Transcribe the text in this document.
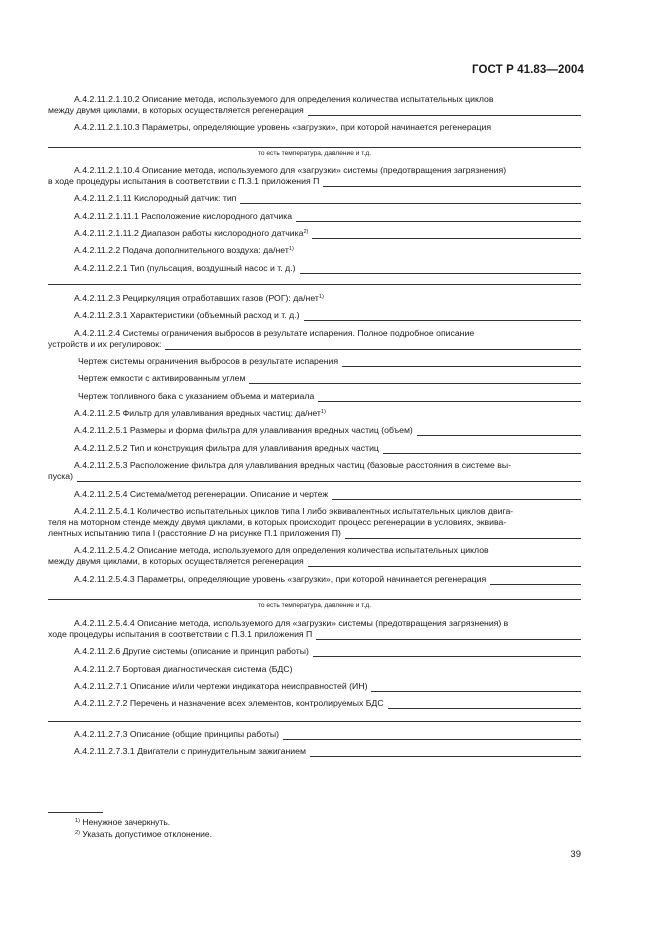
ГОСТ Р 41.83—2004
А.4.2.11.2.1.10.2 Описание метода, используемого для определения количества испытательных циклов
между двумя циклами, в которых осуществляется регенерация
А.4.2.11.2.1.10.3 Параметры, определяющие уровень «загрузки», при которой начинается регенерация
то есть температура, давление и т.д.
А.4.2.11.2.1.10.4 Описание метода, используемого для «загрузки» системы (предотвращения загрязнения)
в ходе процедуры испытания в соответствии с П.3.1 приложения П
А.4.2.11.2.1.11 Кислородный датчик: тип
А.4.2.11.2.1.11.1 Расположение кислородного датчика
А.4.2.11.2.1.11.2 Диапазон работы кислородного датчика$^{2)}$
А.4.2.11.2.2 Подача дополнительного воздуха: да/нет$^{1)}$
А.4.2.11.2.2.1 Тип (пульсация, воздушный насос и т. д.)
А.4.2.11.2.3 Рециркуляция отработавших газов (РОГ): да/нет$^{1)}$
А.4.2.11.2.3.1 Характеристики (объемный расход и т. д.)
А.4.2.11.2.4 Системы ограничения выбросов в результате испарения. Полное подробное описание
устройств и их регулировок:
Чертеж системы ограничения выбросов в результате испарения
Чертеж емкости с активированным углем
Чертеж топливного бака с указанием объема и материала
А.4.2.11.2.5 Фильтр для улавливания вредных частиц: да/нет$^{1)}$
А.4.2.11.2.5.1 Размеры и форма фильтра для улавливания вредных частиц (объем)
А.4.2.11.2.5.2 Тип и конструкция фильтра для улавливания вредных частиц
А.4.2.11.2.5.3 Расположение фильтра для улавливания вредных частиц (базовые расстояния в системе вы-
пуска)
А.4.2.11.2.5.4 Система/метод регенерации. Описание и чертеж
А.4.2.11.2.5.4.1 Количество испытательных циклов типа I либо эквивалентных испытательных циклов двига-
теля на моторном стенде между двумя циклами, в которых происходит процесс регенерации в условиях, эквива-
лентных испытанию типа I (расстояние D на рисунке П.1 приложения П)
А.4.2.11.2.5.4.2 Описание метода, используемого для определения количества испытательных циклов
между двумя циклами, в которых осуществляется регенерация
А.4.2.11.2.5.4.3 Параметры, определяющие уровень «загрузки», при которой начинается регенерация
то есть температура, давление и т.д.
А.4.2.11.2.5.4.4 Описание метода, используемого для «загрузки» системы (предотвращения загрязнения) в
ходе процедуры испытания в соответствии с П.3.1 приложения П
А.4.2.11.2.6 Другие системы (описание и принцип работы)
А.4.2.11.2.7 Бортовая диагностическая система (БДС)
А.4.2.11.2.7.1 Описание и/или чертежи индикатора неисправностей (ИН)
А.4.2.11.2.7.2 Перечень и назначение всех элементов, контролируемых БДС
А.4.2.11.2.7.3 Описание (общие принципы работы)
А.4.2.11.2.7.3.1 Двигатели с принудительным зажиганием
$^{1)}$ Ненужное зачеркнуть.
$^{2)}$ Указать допустимое отклонение.
39
